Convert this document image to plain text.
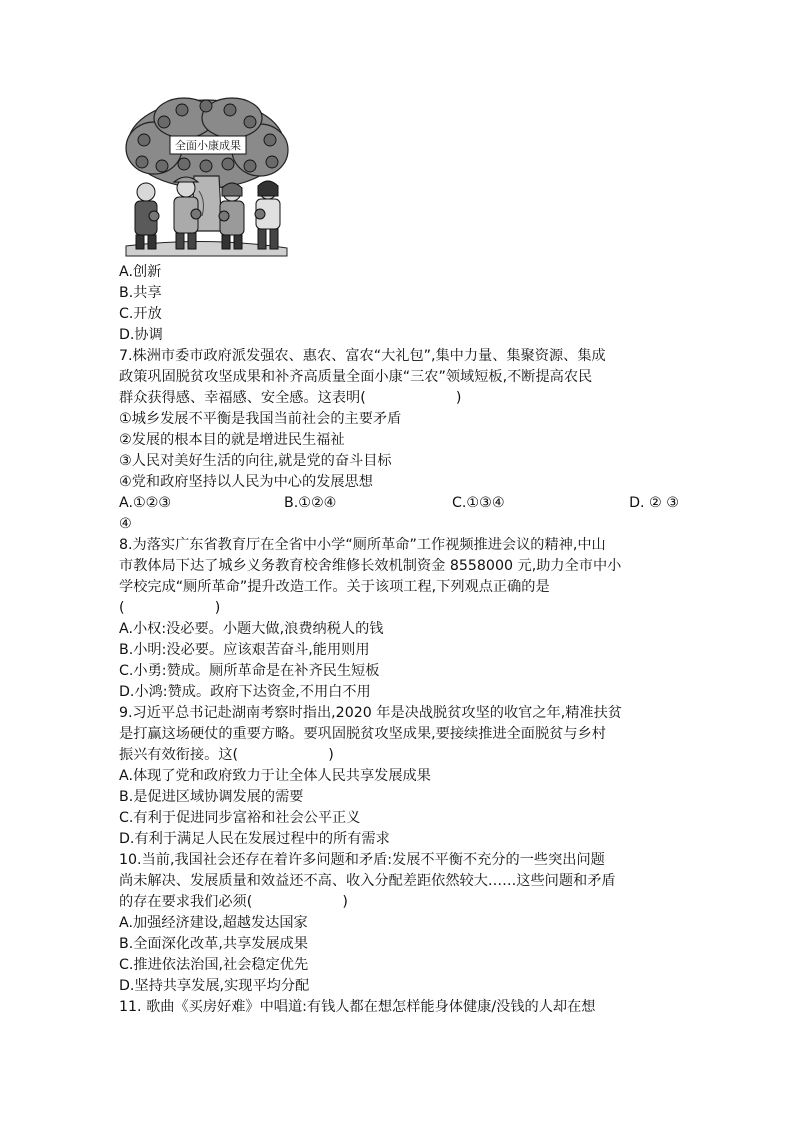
全面小康成果
A.创新
B.共享
C.开放
D.协调
7.株洲市委市政府派发强农、惠农、富农“大礼包”,集中力量、集聚资源、集成
政策巩固脱贫攻坚成果和补齐高质量全面小康“三农”领域短板,不断提高农民
群众获得感、幸福感、安全感。这表明(                    )
①城乡发展不平衡是我国当前社会的主要矛盾
②发展的根本目的就是增进民生福祉
③人民对美好生活的向往,就是党的奋斗目标
④党和政府坚持以人民为中心的发展思想
A.①②③	B.①②④	C.①③④	D. ② ③
④
8.为落实广东省教育厅在全省中小学“厕所革命”工作视频推进会议的精神,中山
市教体局下达了城乡义务教育校舍维修长效机制资金 8558000 元,助力全市中小
学校完成“厕所革命”提升改造工作。关于该项工程,下列观点正确的是
(                    )
A.小权:没必要。小题大做,浪费纳税人的钱
B.小明:没必要。应该艰苦奋斗,能用则用
C.小勇:赞成。厕所革命是在补齐民生短板
D.小鸿:赞成。政府下达资金,不用白不用
9.习近平总书记赴湖南考察时指出,2020 年是决战脱贫攻坚的收官之年,精准扶贫
是打赢这场硬仗的重要方略。要巩固脱贫攻坚成果,要接续推进全面脱贫与乡村
振兴有效衔接。这(                    )
A.体现了党和政府致力于让全体人民共享发展成果
B.是促进区域协调发展的需要
C.有利于促进同步富裕和社会公平正义
D.有利于满足人民在发展过程中的所有需求
10.当前,我国社会还存在着许多问题和矛盾:发展不平衡不充分的一些突出问题
尚未解决、发展质量和效益还不高、收入分配差距依然较大……这些问题和矛盾
的存在要求我们必须(                    )
A.加强经济建设,超越发达国家
B.全面深化改革,共享发展成果
C.推进依法治国,社会稳定优先
D.坚持共享发展,实现平均分配
11. 歌曲《买房好难》中唱道:有钱人都在想怎样能身体健康/没钱的人却在想
